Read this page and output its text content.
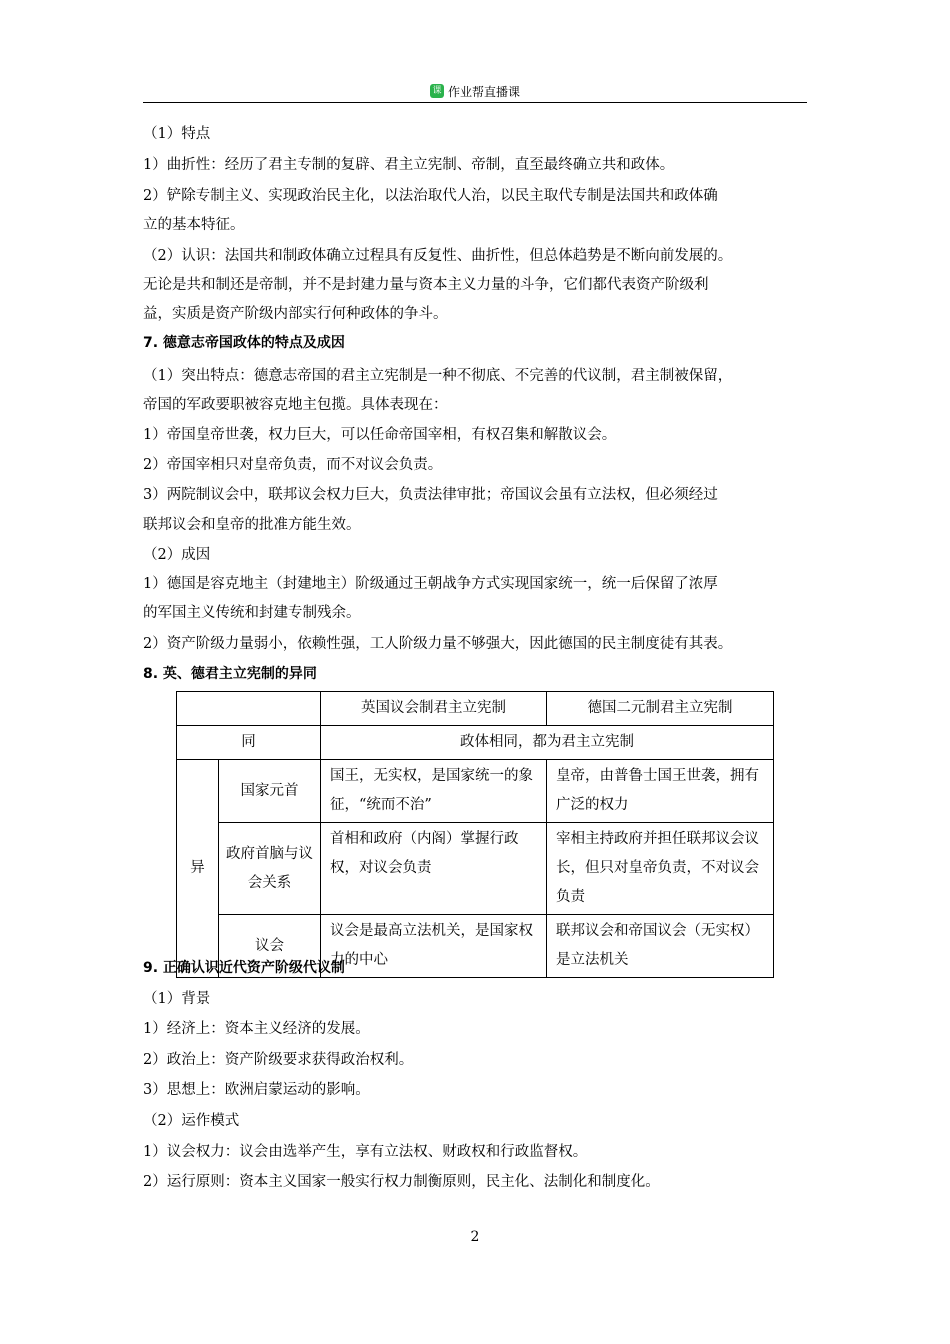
课 作业帮直播课
（1）特点
1）曲折性：经历了君主专制的复辟、君主立宪制、帝制，直至最终确立共和政体。
2）铲除专制主义、实现政治民主化，以法治取代人治，以民主取代专制是法国共和政体确
立的基本特征。
（2）认识：法国共和制政体确立过程具有反复性、曲折性，但总体趋势是不断向前发展的。
无论是共和制还是帝制，并不是封建力量与资本主义力量的斗争，它们都代表资产阶级利
益，实质是资产阶级内部实行何种政体的争斗。
7. 德意志帝国政体的特点及成因
（1）突出特点：德意志帝国的君主立宪制是一种不彻底、不完善的代议制，君主制被保留，
帝国的军政要职被容克地主包揽。具体表现在：
1）帝国皇帝世袭，权力巨大，可以任命帝国宰相，有权召集和解散议会。
2）帝国宰相只对皇帝负责，而不对议会负责。
3）两院制议会中，联邦议会权力巨大，负责法律审批；帝国议会虽有立法权，但必须经过
联邦议会和皇帝的批准方能生效。
（2）成因
1）德国是容克地主（封建地主）阶级通过王朝战争方式实现国家统一，统一后保留了浓厚
的军国主义传统和封建专制残余。
2）资产阶级力量弱小，依赖性强，工人阶级力量不够强大，因此德国的民主制度徒有其表。
8. 英、德君主立宪制的异同
		英国议会制君主立宪制	德国二元制君主立宪制
同		政体相同，都为君主立宪制	
异	国家元首	国王，无实权，是国家统一的象征，“统而不治”	皇帝，由普鲁士国王世袭，拥有广泛的权力
	政府首脑与议会关系	首相和政府（内阁）掌握行政权，对议会负责	宰相主持政府并担任联邦议会议长，但只对皇帝负责，不对议会负责
	议会	议会是最高立法机关，是国家权力的中心	联邦议会和帝国议会（无实权）是立法机关
9. 正确认识近代资产阶级代议制
（1）背景
1）经济上：资本主义经济的发展。
2）政治上：资产阶级要求获得政治权利。
3）思想上：欧洲启蒙运动的影响。
（2）运作模式
1）议会权力：议会由选举产生，享有立法权、财政权和行政监督权。
2）运行原则：资本主义国家一般实行权力制衡原则，民主化、法制化和制度化。
2
